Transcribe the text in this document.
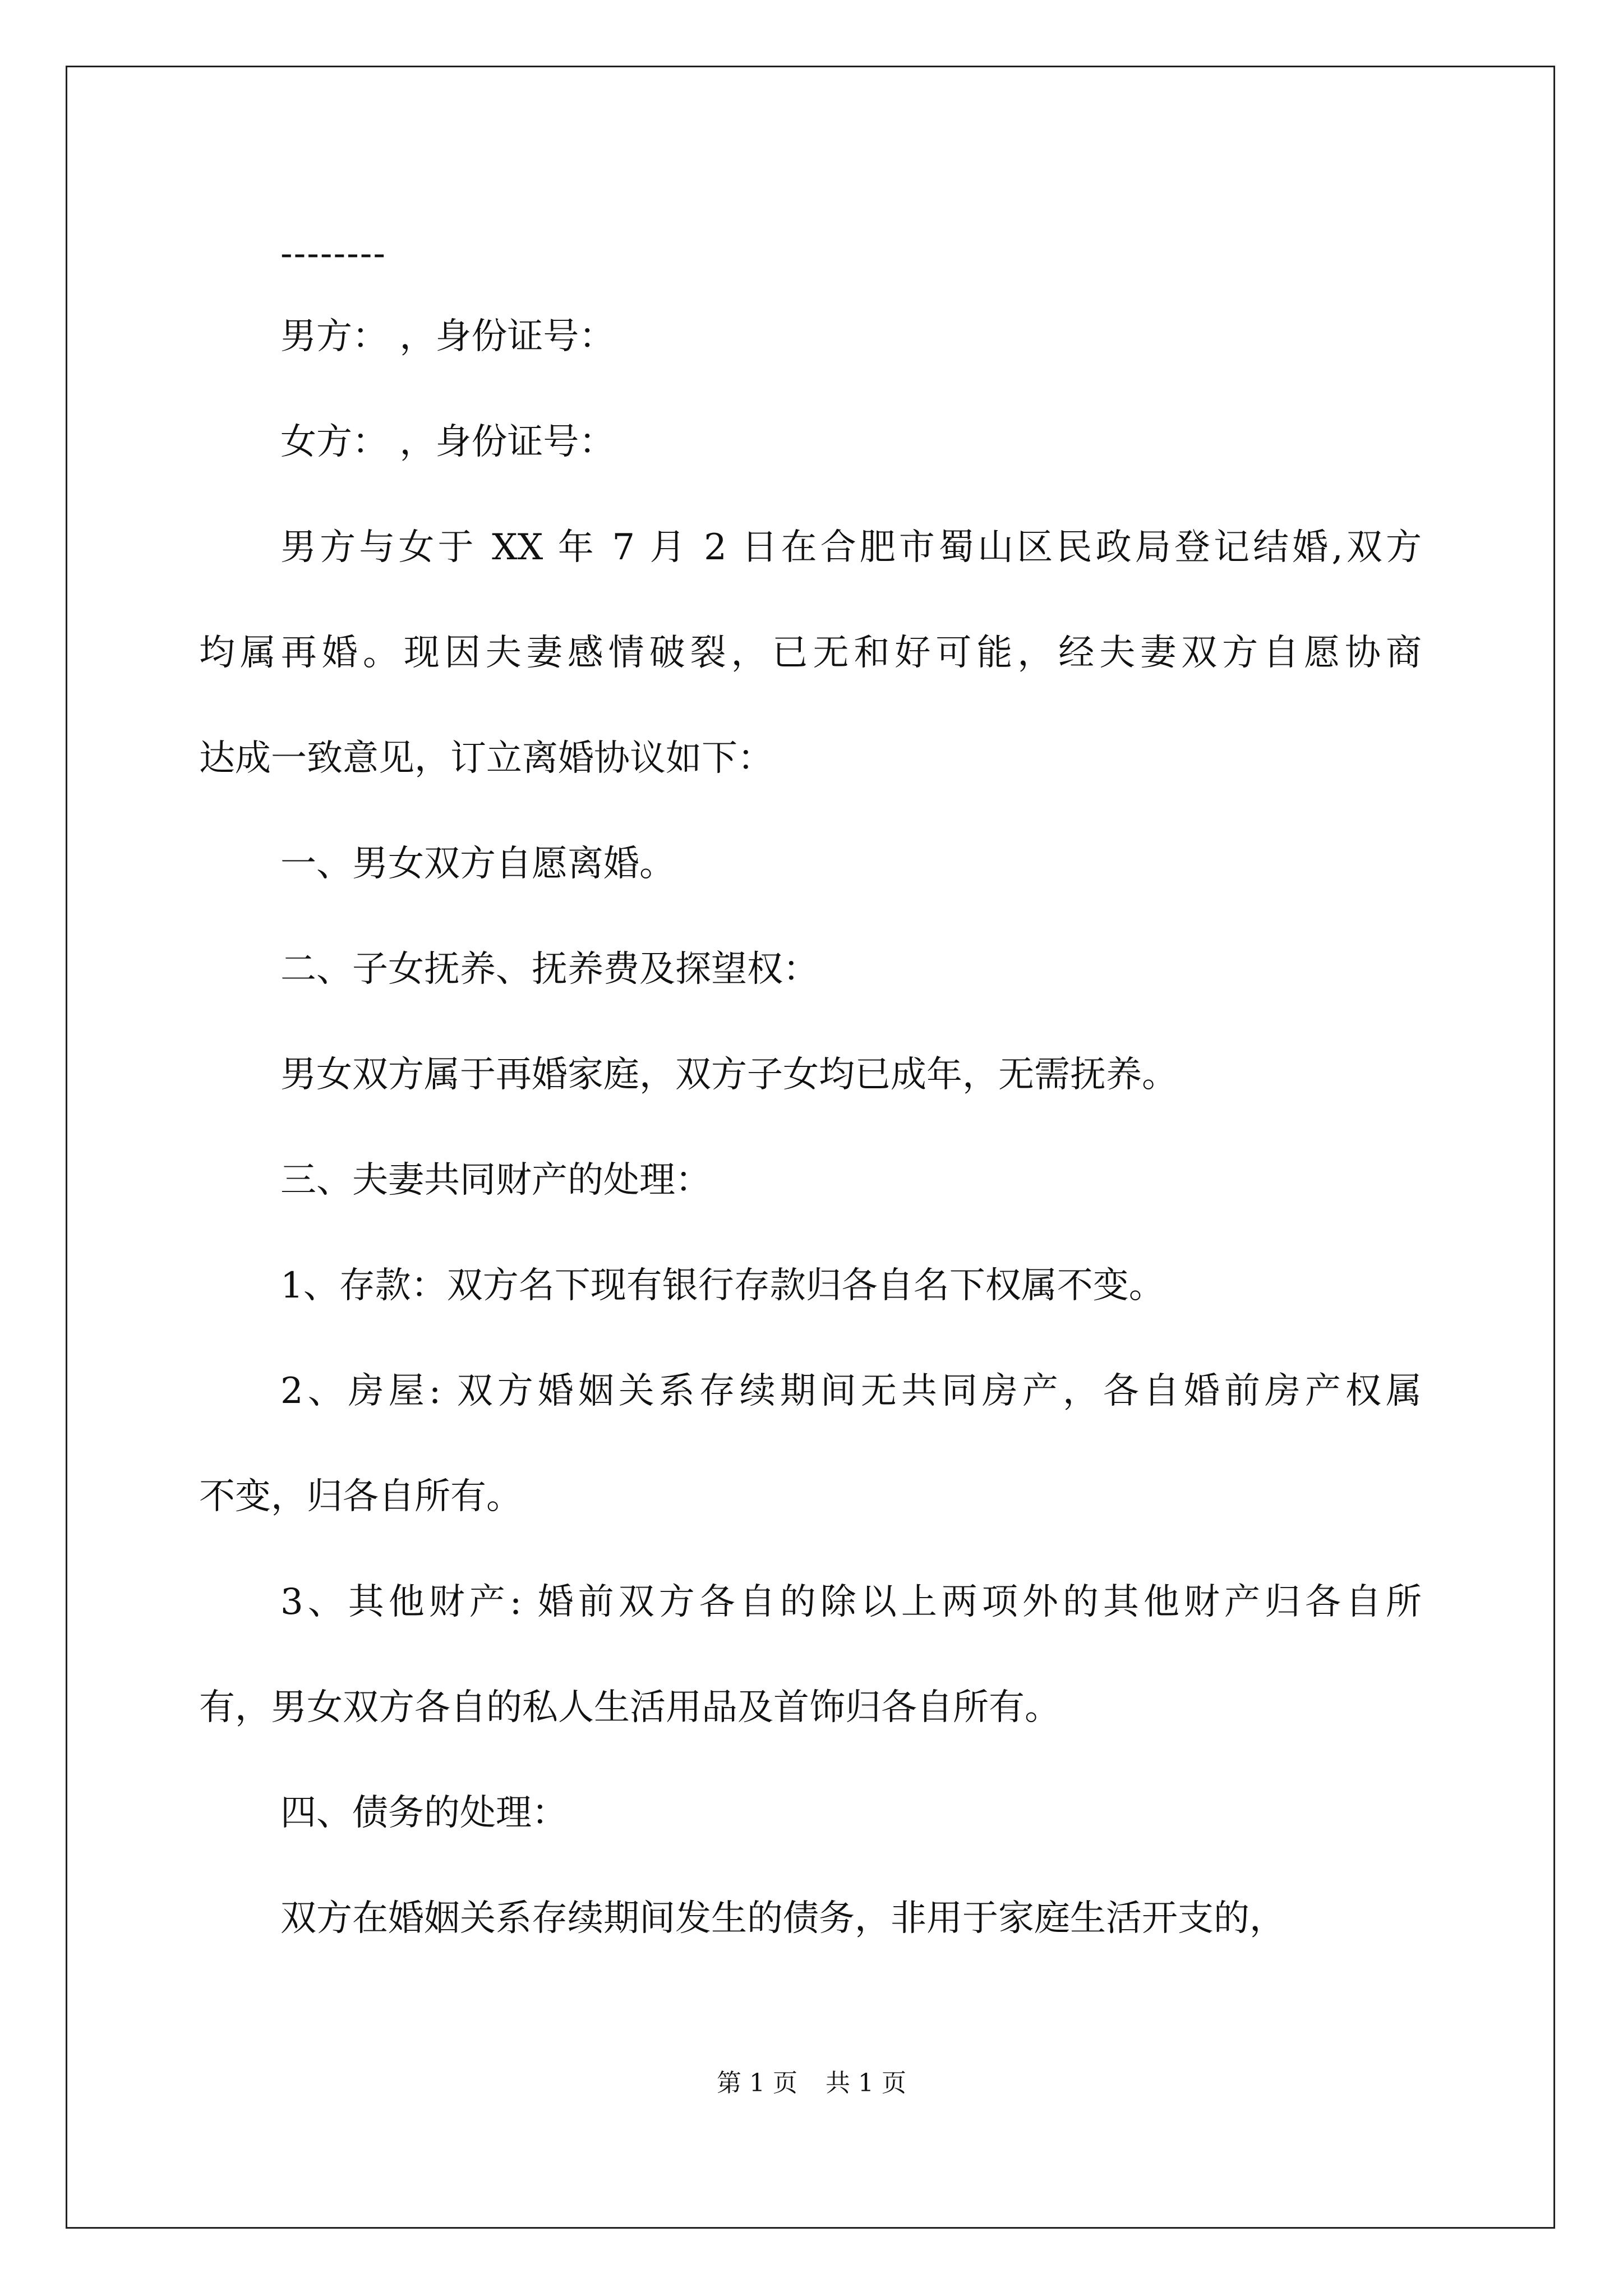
--------
男方： ，身份证号：
女方： ，身份证号：
男方与女于 XX 年 7 月 2 日在合肥市蜀山区民政局登记结婚,双方
均属再婚。现因夫妻感情破裂，已无和好可能，经夫妻双方自愿协商
达成一致意见，订立离婚协议如下：
一、男女双方自愿离婚。
二、子女抚养、抚养费及探望权：
男女双方属于再婚家庭，双方子女均已成年，无需抚养。
三、夫妻共同财产的处理：
1、存款：双方名下现有银行存款归各自名下权属不变。
2、房屋: 双方婚姻关系存续期间无共同房产，各自婚前房产权属
不变，归各自所有。
3、其他财产: 婚前双方各自的除以上两项外的其他财产归各自所
有，男女双方各自的私人生活用品及首饰归各自所有。
四、债务的处理：
双方在婚姻关系存续期间发生的债务，非用于家庭生活开支的，
第 1 页 共 1 页
